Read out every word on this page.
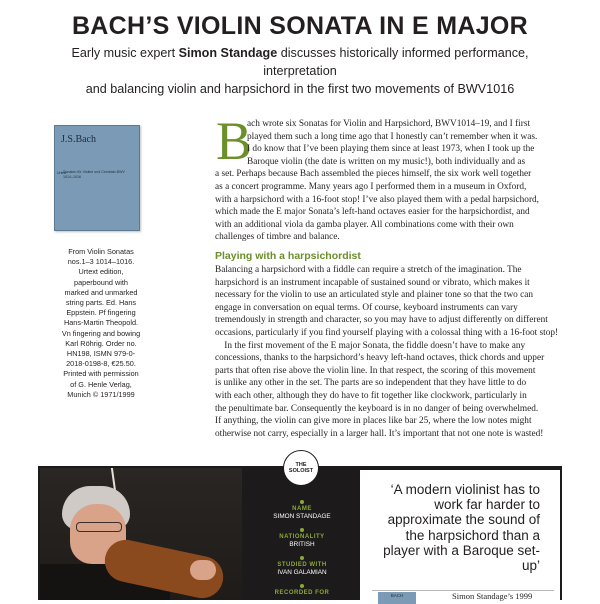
BACH’S VIOLIN SONATA IN E MAJOR

Early music expert Simon Standage discusses historically informed performance, interpretation
and balancing violin and harpsichord in the first two movements of BWV1016

J.S.Bach
Urtext
Sonaten für Violine und Cembalo BWV 1014–1016

From Violin Sonatas
nos.1–3 1014–1016.
Urtext edition,
paperbound with
marked and unmarked
string parts. Ed. Hans
Eppstein. Pf fingering
Hans-Martin Theopold.
Vn fingering and bowing
Karl Röhrig. Order no.
HN198, ISMN 979-0-
2018-0198-8, €25.50.
Printed with permission
of G. Henle Verlag,
Munich © 1971/1999

B

ach wrote six Sonatas for Violin and Harpsichord, BWV1014–19, and I first
played them such a long time ago that I honestly can’t remember when it was.
I do know that I’ve been playing them since at least 1973, when I took up the
Baroque violin (the date is written on my music!), both individually and as
a set. Perhaps because Bach assembled the pieces himself, the six work well together
as a concert programme. Many years ago I performed them in a museum in Oxford,
with a harpsichord with a 16-foot stop! I’ve also played them with a pedal harpsichord,
which made the E major Sonata’s left-hand octaves easier for the harpsichordist, and
with an additional viola da gamba player. All combinations come with their own
challenges of timbre and balance.

Playing with a harpsichordist

Balancing a harpsichord with a fiddle can require a stretch of the imagination. The
harpsichord is an instrument incapable of sustained sound or vibrato, which makes it
necessary for the violin to use an articulated style and plainer tone so that the two can
engage in conversation on equal terms. Of course, keyboard instruments can vary
tremendously in strength and character, so you may have to adjust differently on different
occasions, particularly if you find yourself playing with a colossal thing with a 16-foot stop!
In the first movement of the E major Sonata, the fiddle doesn’t have to make any
concessions, thanks to the harpsichord’s heavy left-hand octaves, thick chords and upper
parts that often rise above the violin line. In that respect, the scoring of this movement
is unlike any other in the set. The parts are so independent that they have little to do
with each other, although they do have to fit together like clockwork, particularly in
the penultimate bar. Consequently the keyboard is in no danger of being overwhelmed.
If anything, the violin can give more in places like bar 25, where the low notes might
otherwise not carry, especially in a larger hall. It’s important that not one note is wasted!

NAME
SIMON STANDAGE
NATIONALITY
BRITISH
STUDIED WITH
IVAN GALAMIAN
RECORDED FOR
THE
SOLOIST

‘A modern violinist has to work far harder to approximate the sound of the harpsichord than a player with a Baroque set-up’

BACH	Simon Standage’s 1999
